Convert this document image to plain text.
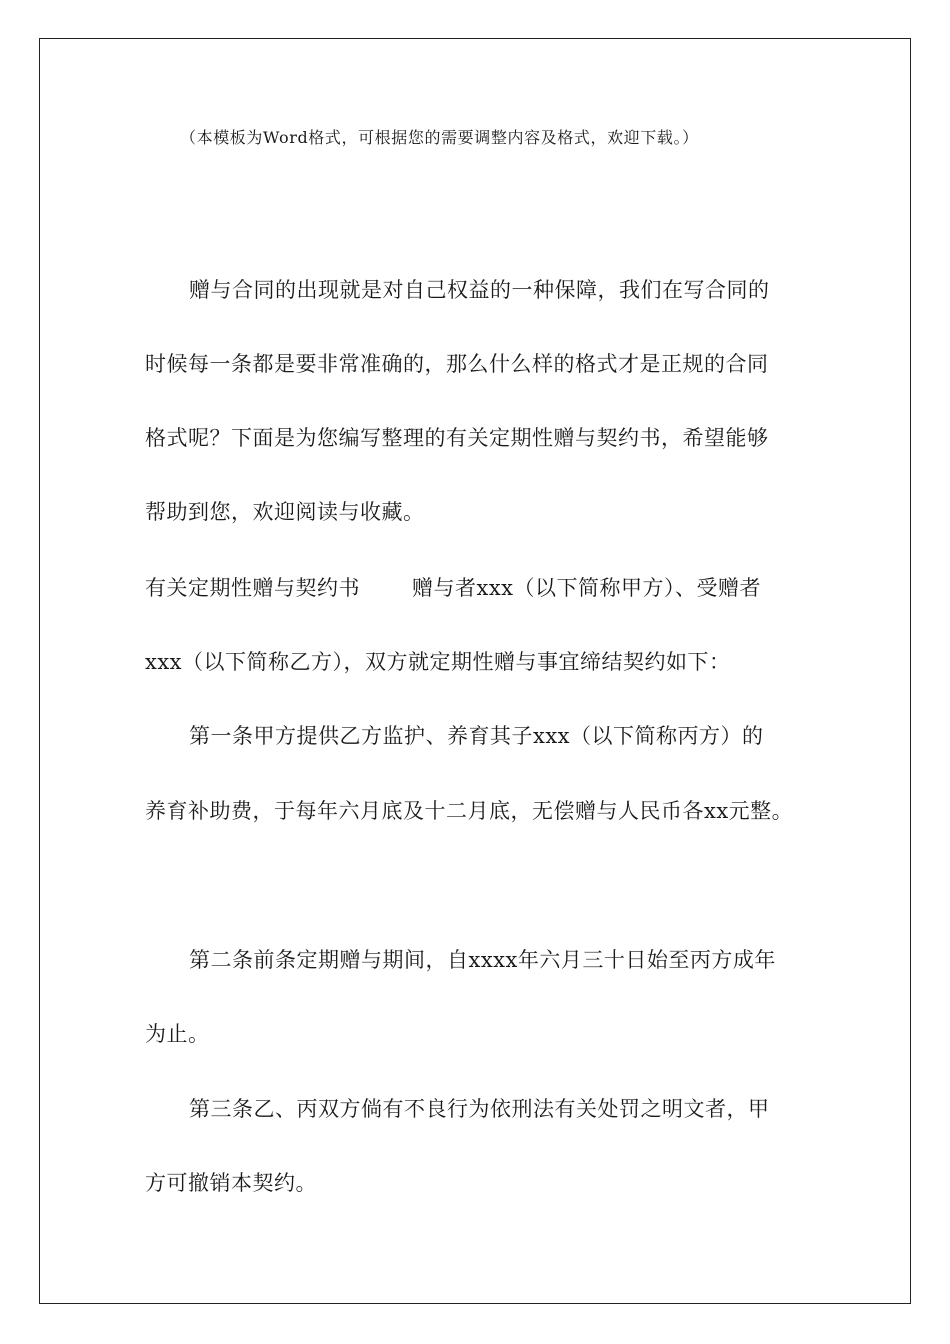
（本模板为Word格式，可根据您的需要调整内容及格式，欢迎下载。）
赠与合同的出现就是对自己权益的一种保障，我们在写合同的
时候每一条都是要非常准确的，那么什么样的格式才是正规的合同
格式呢？下面是为您编写整理的有关定期性赠与契约书，希望能够
帮助到您，欢迎阅读与收藏。
有关定期性赠与契约书 赠与者xxx（以下简称甲方）、受赠者
xxx（以下简称乙方），双方就定期性赠与事宜缔结契约如下：
第一条甲方提供乙方监护、养育其子xxx（以下简称丙方）的
养育补助费，于每年六月底及十二月底，无偿赠与人民币各xx元整。
第二条前条定期赠与期间，自xxxx年六月三十日始至丙方成年
为止。
第三条乙、丙双方倘有不良行为依刑法有关处罚之明文者，甲
方可撤销本契约。
